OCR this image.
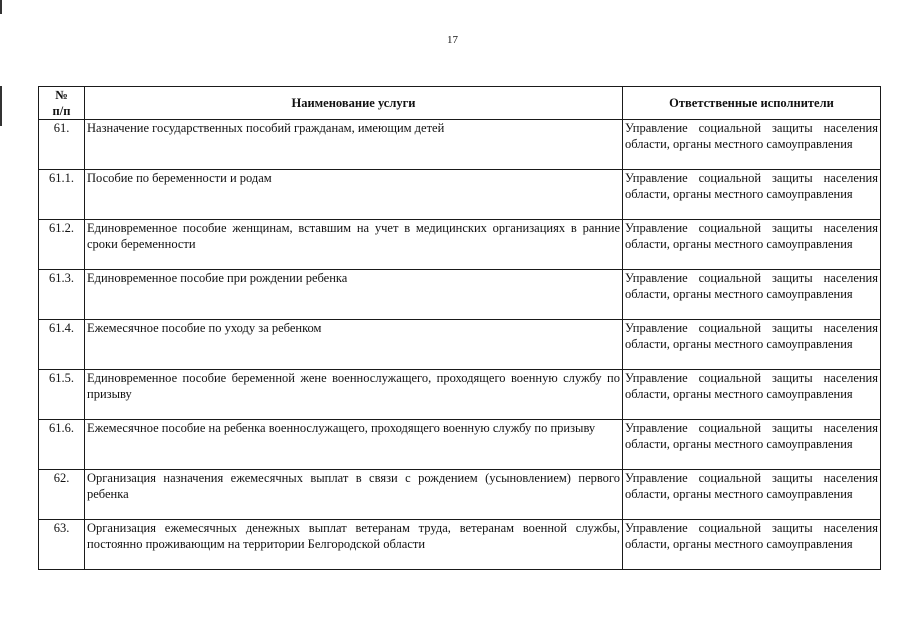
17
№
п/п	Наименование услуги	Ответственные исполнители
61.	Назначение государственных пособий гражданам, имеющим детей	Управление социальной защиты населения области, органы местного самоуправления
61.1.	Пособие по беременности и родам	Управление социальной защиты населения области, органы местного самоуправления
61.2.	Единовременное пособие женщинам, вставшим на учет в медицинских организациях в ранние сроки беременности	Управление социальной защиты населения области, органы местного самоуправления
61.3.	Единовременное пособие при рождении ребенка	Управление социальной защиты населения области, органы местного самоуправления
61.4.	Ежемесячное пособие по уходу за ребенком	Управление социальной защиты населения области, органы местного самоуправления
61.5.	Единовременное пособие беременной жене военнослужащего, проходящего военную службу по призыву	Управление социальной защиты населения области, органы местного самоуправления
61.6.	Ежемесячное пособие на ребенка военнослужащего, проходящего военную службу по призыву	Управление социальной защиты населения области, органы местного самоуправления
62.	Организация назначения ежемесячных выплат в связи с рождением (усыновлением) первого ребенка	Управление социальной защиты населения области, органы местного самоуправления
63.	Организация ежемесячных денежных выплат ветеранам труда, ветеранам военной службы, постоянно проживающим на территории Белгородской области	Управление социальной защиты населения области, органы местного самоуправления
